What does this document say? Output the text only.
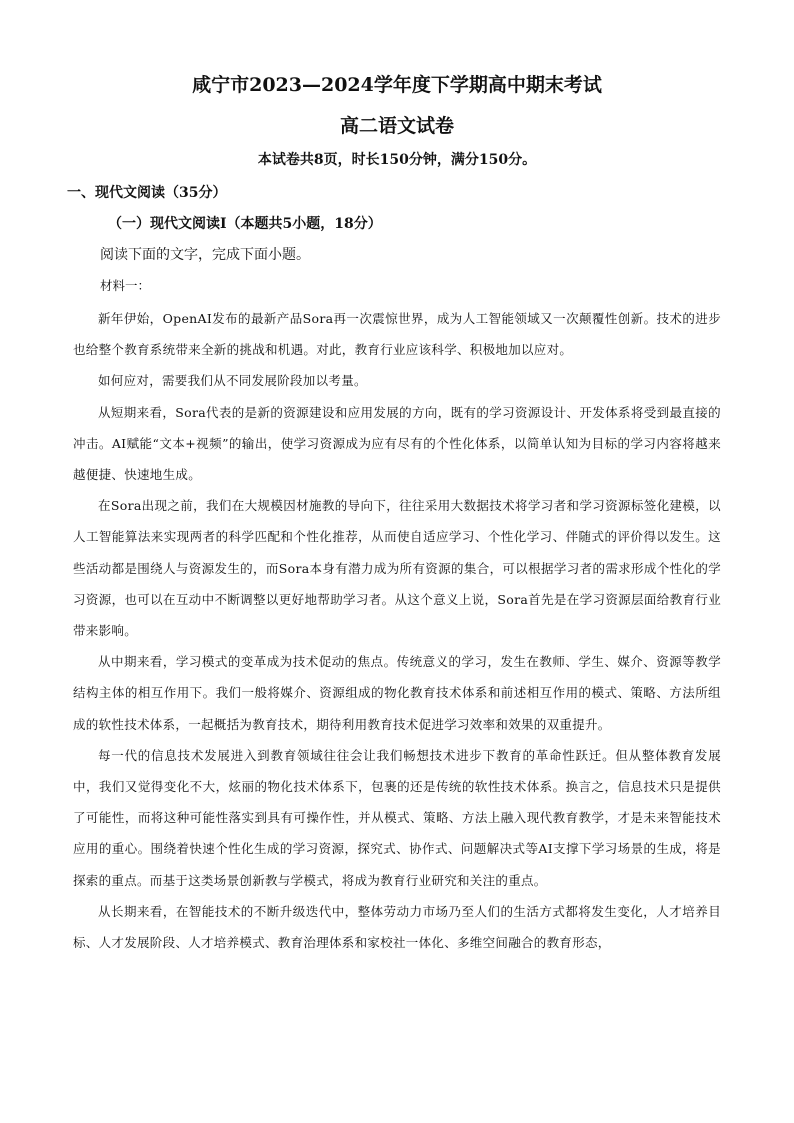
咸宁市2023—2024学年度下学期高中期末考试
高二语文试卷
本试卷共8页，时长150分钟，满分150分。
一、现代文阅读（35分）
（一）现代文阅读Ⅰ（本题共5小题，18分）
阅读下面的文字，完成下面小题。
材料一：

新年伊始，OpenAI发布的最新产品Sora再一次震惊世界，成为人工智能领域又一次颠覆性创新。技术的进步也给整个教育系统带来全新的挑战和机遇。对此，教育行业应该科学、积极地加以应对。

如何应对，需要我们从不同发展阶段加以考量。

从短期来看，Sora代表的是新的资源建设和应用发展的方向，既有的学习资源设计、开发体系将受到最直接的冲击。AI赋能“文本+视频”的输出，使学习资源成为应有尽有的个性化体系，以简单认知为目标的学习内容将越来越便捷、快速地生成。

在Sora出现之前，我们在大规模因材施教的导向下，往往采用大数据技术将学习者和学习资源标签化建模，以人工智能算法来实现两者的科学匹配和个性化推荐，从而使自适应学习、个性化学习、伴随式的评价得以发生。这些活动都是围绕人与资源发生的，而Sora本身有潜力成为所有资源的集合，可以根据学习者的需求形成个性化的学习资源，也可以在互动中不断调整以更好地帮助学习者。从这个意义上说，Sora首先是在学习资源层面给教育行业带来影响。

从中期来看，学习模式的变革成为技术促动的焦点。传统意义的学习，发生在教师、学生、媒介、资源等教学结构主体的相互作用下。我们一般将媒介、资源组成的物化教育技术体系和前述相互作用的模式、策略、方法所组成的软性技术体系，一起概括为教育技术，期待利用教育技术促进学习效率和效果的双重提升。

每一代的信息技术发展进入到教育领域往往会让我们畅想技术进步下教育的革命性跃迁。但从整体教育发展中，我们又觉得变化不大，炫丽的物化技术体系下，包裹的还是传统的软性技术体系。换言之，信息技术只是提供了可能性，而将这种可能性落实到具有可操作性，并从模式、策略、方法上融入现代教育教学，才是未来智能技术应用的重心。围绕着快速个性化生成的学习资源，探究式、协作式、问题解决式等AI支撑下学习场景的生成，将是探索的重点。而基于这类场景创新教与学模式，将成为教育行业研究和关注的重点。

从长期来看，在智能技术的不断升级迭代中，整体劳动力市场乃至人们的生活方式都将发生变化，人才培养目标、人才发展阶段、人才培养模式、教育治理体系和家校社一体化、多维空间融合的教育形态，
